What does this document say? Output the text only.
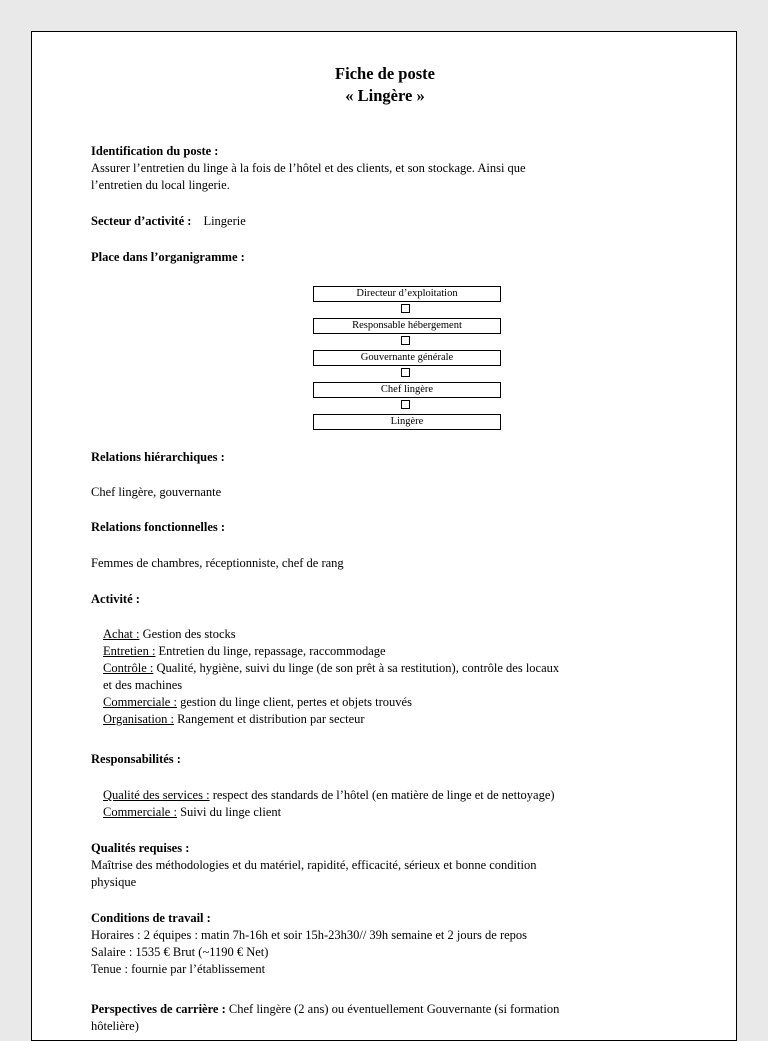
Fiche de poste
« Lingère »
Identification du poste :
Assurer l’entretien du linge à la fois de l’hôtel et des clients, et son stockage. Ainsi que
l’entretien du local lingerie.
Secteur d’activité : Lingerie
Place dans l’organigramme :
Directeur d’exploitation
Responsable hébergement
Gouvernante générale
Chef lingère
Lingère
Relations hiérarchiques :
Chef lingère, gouvernante
Relations fonctionnelles :
Femmes de chambres, réceptionniste, chef de rang
Activité :
Achat : Gestion des stocks
Entretien : Entretien du linge, repassage, raccommodage
Contrôle : Qualité, hygiène, suivi du linge (de son prêt à sa restitution), contrôle des locaux
et des machines
Commerciale : gestion du linge client, pertes et objets trouvés
Organisation : Rangement et distribution par secteur
Responsabilités :
Qualité des services : respect des standards de l’hôtel (en matière de linge et de nettoyage)
Commerciale : Suivi du linge client
Qualités requises :
Maîtrise des méthodologies et du matériel, rapidité, efficacité, sérieux et bonne condition
physique
Conditions de travail :
Horaires : 2 équipes : matin 7h-16h et soir 15h-23h30// 39h semaine et 2 jours de repos
Salaire : 1535 € Brut (~1190 € Net)
Tenue : fournie par l’établissement
Perspectives de carrière : Chef lingère (2 ans) ou éventuellement Gouvernante (si formation
hôtelière)
